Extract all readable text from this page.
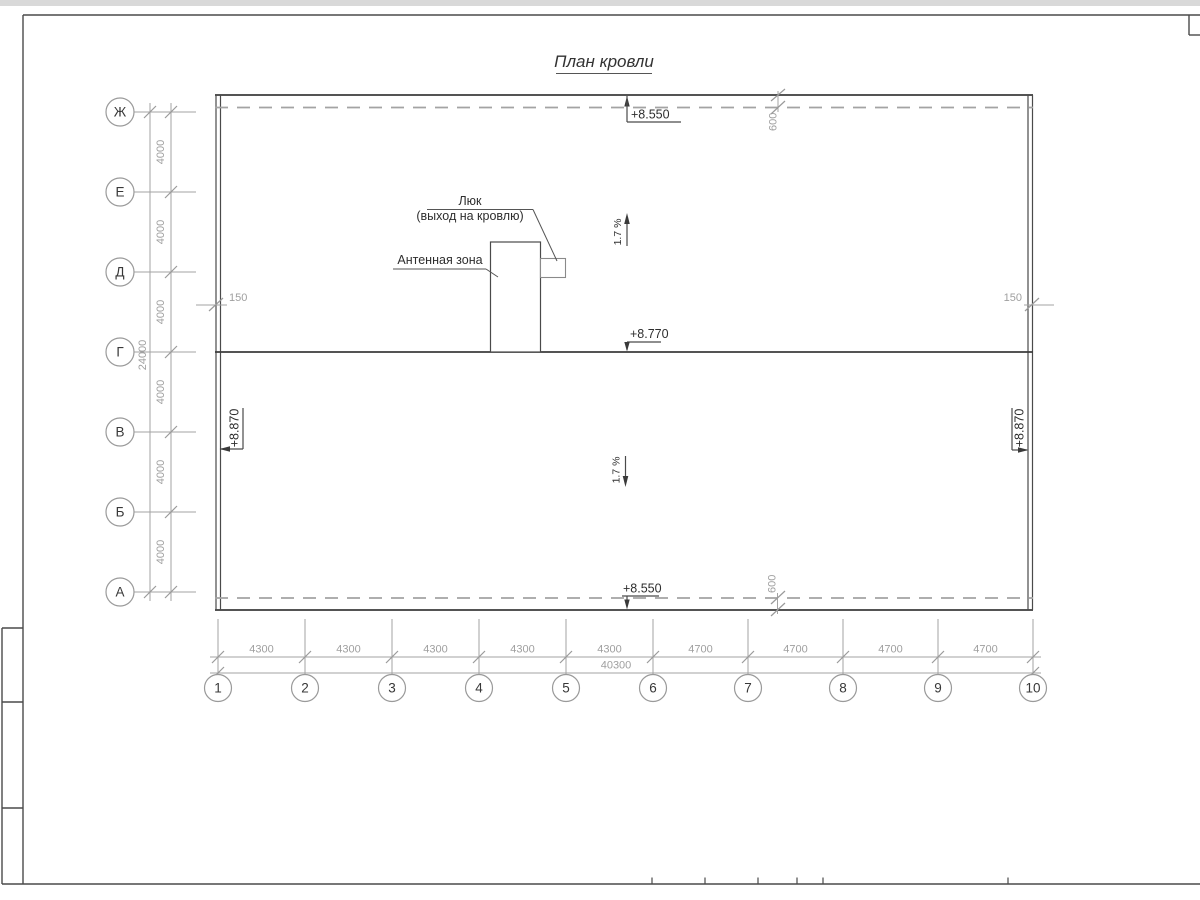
План кровли
Люк
(выход на кровлю)
Антенная зона
1.7 %
1.7 %
+8.550
+8.770
+8.550
+8.870	+8.870
150	150
600
600
Ж
Е
Д
Г
В
Б
А
4000
4000
4000
4000
4000
4000
24000
4300	4300	4300	4300	4300	4700	4700	4700	4700
40300
1	2	3	4	5	6	7	8	9	10
